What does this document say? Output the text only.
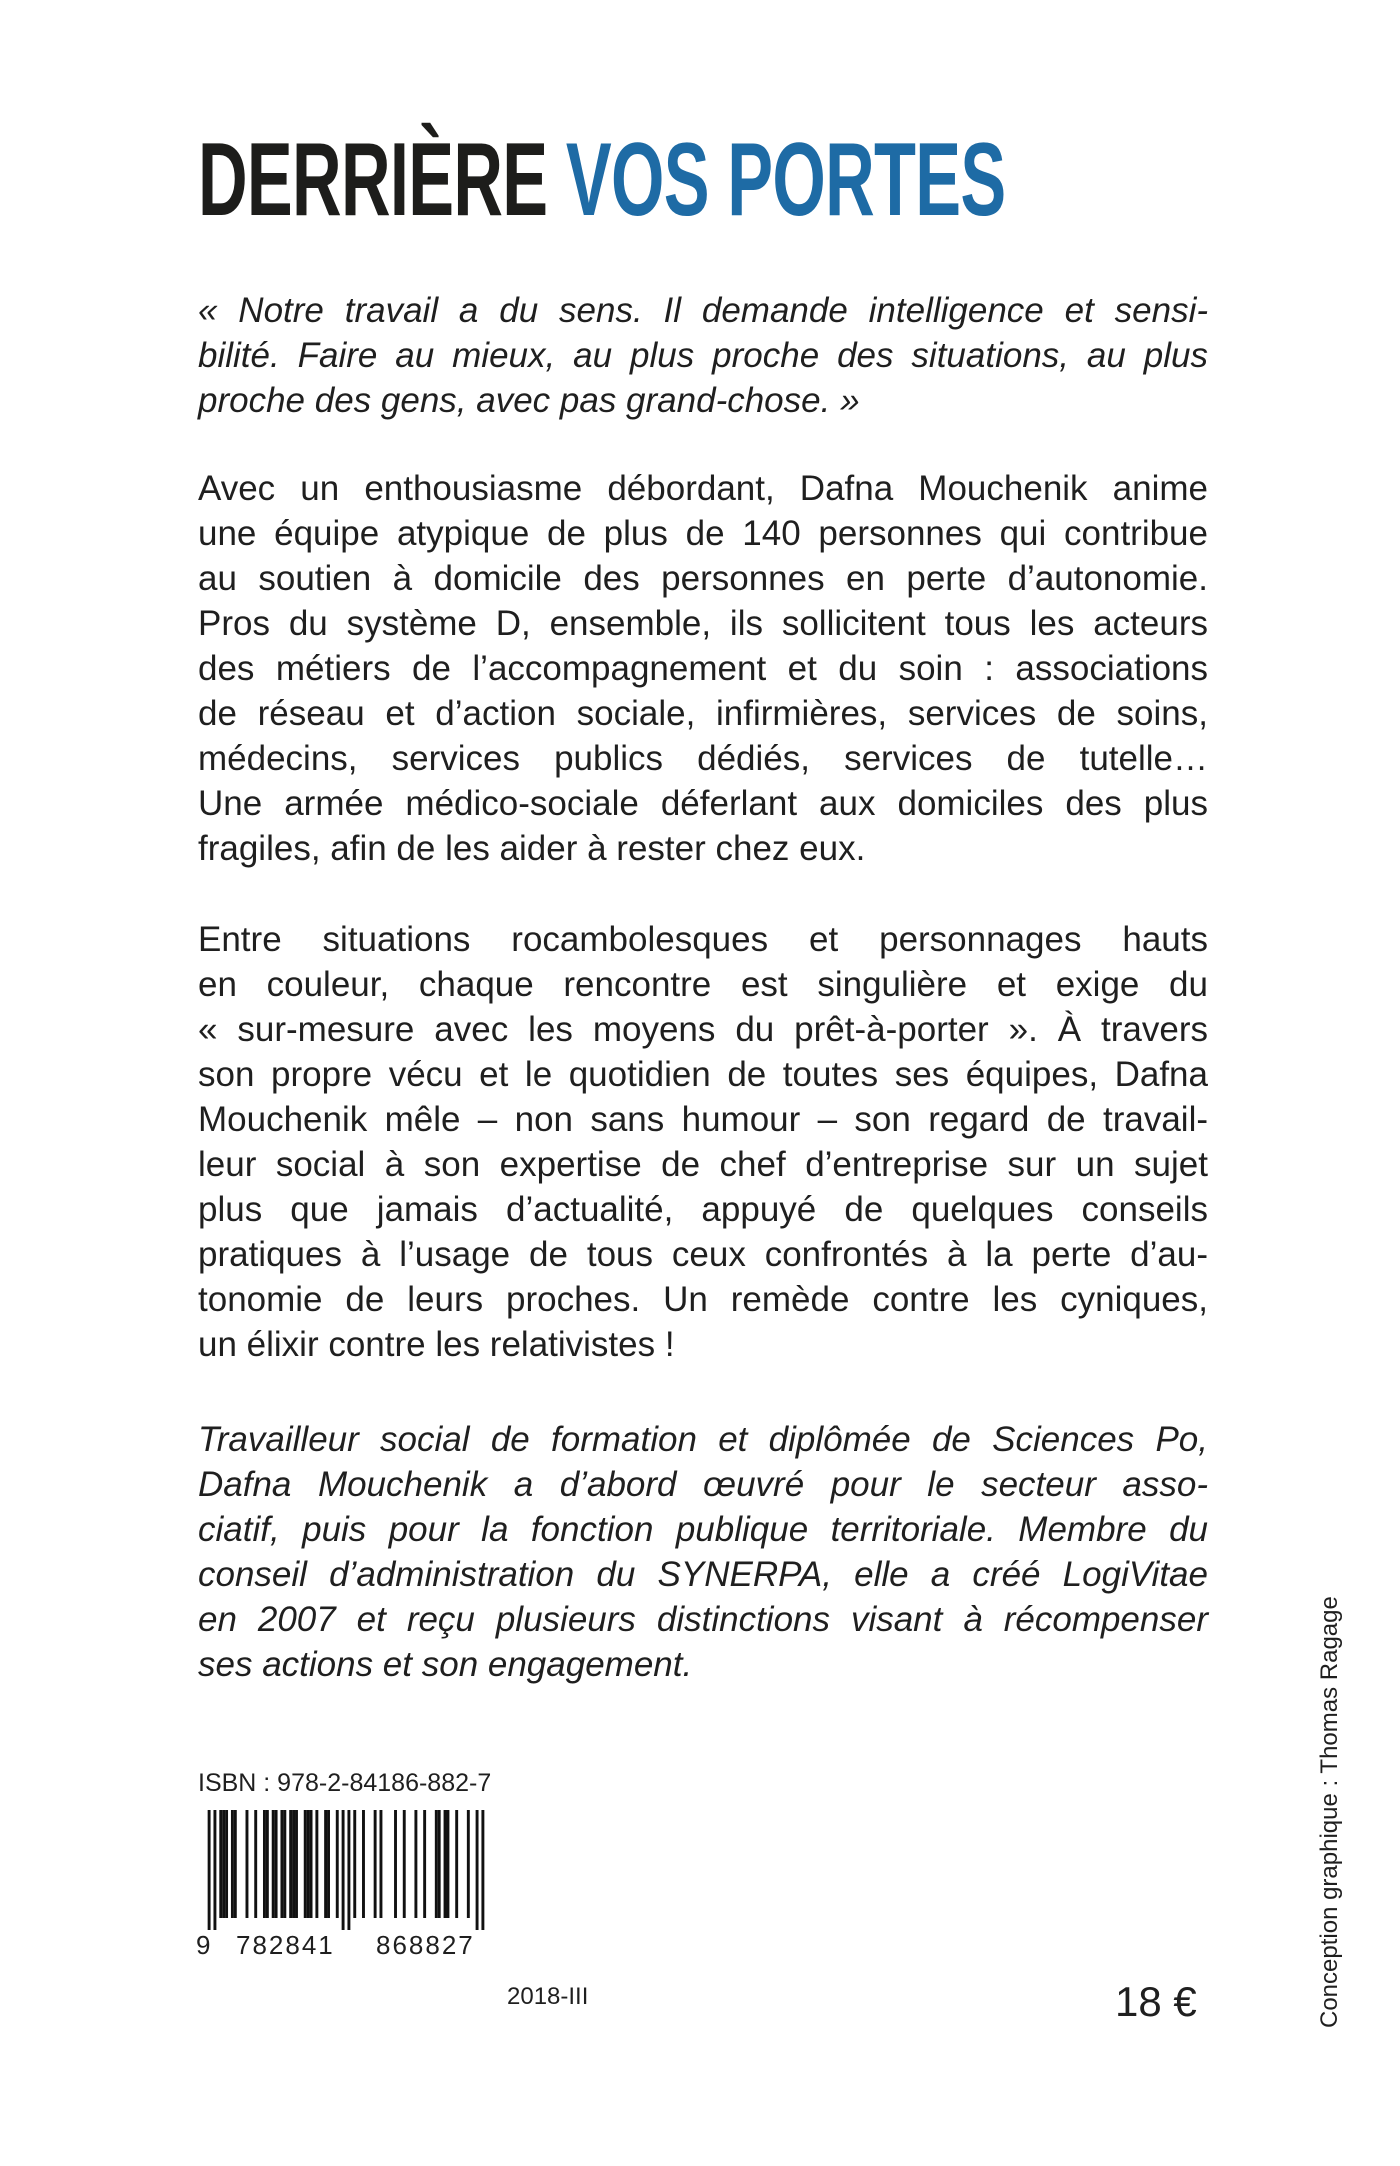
DERRIÈRE VOS PORTES

« Notre travail a du sens. Il demande intelligence et sensi-
bilité. Faire au mieux, au plus proche des situations, au plus
proche des gens, avec pas grand-chose. »

Avec un enthousiasme débordant, Dafna Mouchenik anime
une équipe atypique de plus de 140 personnes qui contribue
au soutien à domicile des personnes en perte d’autonomie.
Pros du système D, ensemble, ils sollicitent tous les acteurs
des métiers de l’accompagnement et du soin : associations
de réseau et d’action sociale, infirmières, services de soins,
médecins, services publics dédiés, services de tutelle…
Une armée médico-sociale déferlant aux domiciles des plus
fragiles, afin de les aider à rester chez eux.

Entre situations rocambolesques et personnages hauts
en couleur, chaque rencontre est singulière et exige du
« sur-mesure avec les moyens du prêt-à-porter ». À travers
son propre vécu et le quotidien de toutes ses équipes, Dafna
Mouchenik mêle – non sans humour – son regard de travail-
leur social à son expertise de chef d’entreprise sur un sujet
plus que jamais d’actualité, appuyé de quelques conseils
pratiques à l’usage de tous ceux confrontés à la perte d’au-
tonomie de leurs proches. Un remède contre les cyniques,
un élixir contre les relativistes !

Travailleur social de formation et diplômée de Sciences Po,
Dafna Mouchenik a d’abord œuvré pour le secteur asso-
ciatif, puis pour la fonction publique territoriale. Membre du
conseil d’administration du SYNERPA, elle a créé LogiVitae
en 2007 et reçu plusieurs distinctions visant à récompenser
ses actions et son engagement.

ISBN : 978-2-84186-882-7
9 782841 868827
2018-III	18 €	Conception graphique : Thomas Ragage
